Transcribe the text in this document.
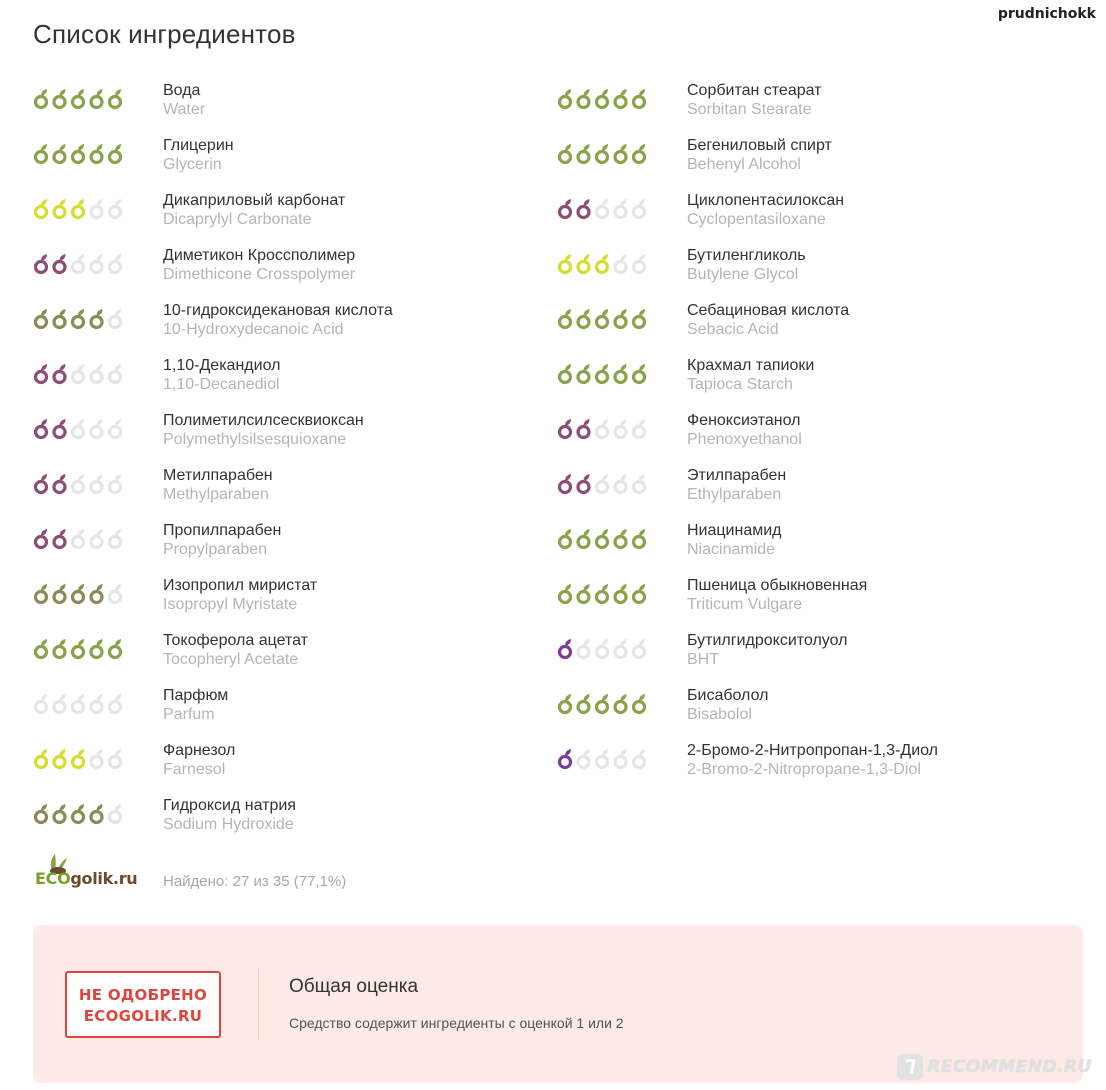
prudnichokk
Список ингредиентов
Вода
Water
Глицерин
Glycerin
Дикаприловый карбонат
Dicaprylyl Carbonate
Диметикон Кроссполимер
Dimethicone Crosspolymer
10-гидроксидекановая кислота
10-Hydroxydecanoic Acid
1,10-Декандиол
1,10-Decanediol
Полиметилсилсесквиоксан
Polymethylsilsesquioxane
Метилпарабен
Methylparaben
Пропилпарабен
Propylparaben
Изопропил миристат
Isopropyl Myristate
Токоферола ацетат
Tocopheryl Acetate
Парфюм
Parfum
Фарнезол
Farnesol
Гидроксид натрия
Sodium Hydroxide
Сорбитан стеарат
Sorbitan Stearate
Бегениловый спирт
Behenyl Alcohol
Циклопентасилоксан
Cyclopentasiloxane
Бутиленгликоль
Butylene Glycol
Себациновая кислота
Sebacic Acid
Крахмал тапиоки
Tapioca Starch
Феноксиэтанол
Phenoxyethanol
Этилпарабен
Ethylparaben
Ниацинамид
Niacinamide
Пшеница обыкновенная
Triticum Vulgare
Бутилгидрокситолуол
BHT
Бисаболол
Bisabolol
2-Бромо-2-Нитропропан-1,3-Диол
2-Bromo-2-Nitropropane-1,3-Diol
ECOgolik.ru Найдено: 27 из 35 (77,1%)
НЕ ОДОБРЕНО
ECOGOLIK.RU
Общая оценка
Средство содержит ингредиенты с оценкой 1 или 2
RECOMMEND.RU
